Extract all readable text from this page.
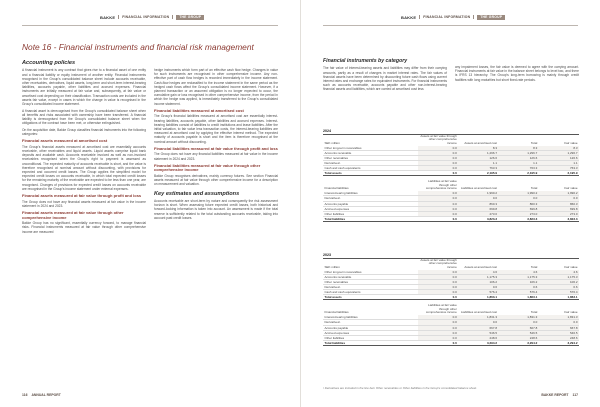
BAKKE FINANCIAL INFORMATION	THE GROUP
Note 16 - Financial instruments and financial risk management
Accounting policies

A financial instrument is any contract that gives rise to a financial asset of one entity and a financial liability or equity instrument of another entity. Financial instruments recognised in the Group's consolidated balance sheet include accounts receivable, other receivables, derivatives, liquid assets, long-term and short-term interest-bearing liabilities, accounts payable, other liabilities and accrued expenses. Financial instruments are initially measured at fair value and, subsequently, at fair value or amortised cost depending on their classification. Transaction costs are included in the assets fair value, except in cases in which the change in value is recognised in the Group's consolidated income statement.

A financial asset is derecognised from the Group's consolidated balance sheet when all benefits and risks associated with ownership have been transferred. A financial liability is derecognised from the Group's consolidated balance sheet when the obligations of the contract have been met, or otherwise extinguished.

On the acquisition date, Bakke Group classifies financial instruments into the following categories:

Financial assets measured at amortised cost

The Group's financial assets measured at amortised cost are essentially accounts receivable, other receivables and liquid assets. Liquid assets comprise liquid bank deposits and available cash. Accounts receivable invoiced as well as non-invoiced receivables recognised when the Group's right to payment is assessed as unconditional. The expected maturity of accounts receivable is short, and the value is therefore recognised at nominal amount without discounting, with provisions for expected and occurred credit losses. The Group applies the simplified model for expected credit losses on accounts receivable, in which total expected credit losses for the remaining maturity of the receivable are expected to be less than one year, are recognised. Changes of provisions for expected credit losses on accounts receivable are recognised in the Group's income statement under external expenses.

Financial assets measured at fair value through profit and loss

The Group does not have any financial assets measured at fair value in the income statement in 2024 and 2023.

Financial assets measured at fair value through other comprehensive income

Bakke Group has no significant, essentially currency forward, to manage financial risks. Financial instruments measured at fair value through other comprehensive income are measured

hedge instruments which form part of an effective cash flow hedge. Changes in value for such instruments are recognised in other comprehensive income. Any non-effective part of cash flow hedges is recorded immediately in the income statement. Cash-flow hedges are reclassified to the income statement in the same period as the hedged cash flows affect the Group's consolidated income statement. However, if a planned transaction or an assumed obligation is no longer expected to occur, the cumulative gain or loss recognised in other comprehensive income, from the period in which the hedge was applied, is immediately transferred to the Group's consolidated income statement.

Financial liabilities measured at amortised cost

The Group's financial liabilities measured at amortised cost are essentially interest-bearing liabilities, accounts payable, other liabilities and accrued expenses. Interest-bearing liabilities consist of liabilities to credit institutions and lease liabilities. After the initial valuation, to fair value less transaction costs, the interest-bearing liabilities are measured at amortised cost by applying the effective interest method. The expected maturity of accounts payable is short and the item is therefore recognised at the nominal amount without discounting.

Financial liabilities measured at fair value through profit and loss

The Group does not have any financial liabilities measured at fair value in the income statement in 2024 and 2023.

Financial liabilities measured at fair value through other comprehensive income

Bakke Group recognises derivatives, mainly currency futures. See section Financial assets measured at fair value through other comprehensive income for a description on measurement and valuation.

Key estimates and assumptions

Accounts receivable are short-term by nature and consequently the risk assessment horizon is short. When assessing future expected credit losses, both historical and forward-looking information is taken into account. An assessment is made if the total reserve is sufficiently related to the total outstanding accounts receivable, taking into account past credit losses.

116 ANNUAL REPORT
BAKKE FINANCIAL INFORMATION	THE GROUP
Financial instruments by category

The fair value of interest-bearing assets and liabilities may differ from their carrying amounts, partly as a result of changes in market interest rates. The fair values of financial assets have been determined by discounting future cash flows using current interest rates and exchange rates for equivalent instruments. For financial instruments such as accounts receivable, accounts payable and other non-interest-bearing financial assets and liabilities, which are carried at amortised cost less

any impairment losses, the fair value is deemed to agree with the carrying amount. Financial instruments at fair value in the balance sheet belongs to level two, and there is IFRS 13 hierarchy. The Group's long-term borrowing is mainly through credit facilities with long maturities but short fixed-rate periods.

2024
SEK million	Assets at fair value through other comprehensive income	Assets at amortised cost	Total	Fair value
Other long-term receivables	0.0	8.3	8.3	8.3
Accounts receivable	0.0	1,296.7	1,296.7	1,296.7
Other receivables	0.0	126.6	126.6	126.6
Derivatives¹	0.0	1.1	1.1	1.1
Cash and cash equivalents	0.0	763.3	763.3	763.3
Total assets	0.0	2,195.9	2,195.9	2,195.9
Financial liabilities	Liabilities at fair value through other comprehensive income	Liabilities at amortised cost	Total	Fair value
Interest-bearing liabilities	0.0	1,990.2	1,990.2	1,990.2
Derivatives¹	0.0	0.0	0.0	0.0
Accounts payable	0.0	860.3	860.3	860.3
Accrued expenses	0.0	699.8	699.8	699.8
Other liabilities	0.0	273.0	273.0	273.0
Total liabilities	0.0	3,823.3	3,823.3	3,823.3
2023
SEK million	Assets at fair value through other comprehensive income	Assets at amortised cost	Total	Fair value
Other long-term receivables	0.0	4.6	4.6	4.6
Accounts receivable	0.0	1,175.3	1,175.3	1,175.3
Other receivables	0.0	106.2	106.2	106.2
Derivatives¹	0.0	0.6	0.6	0.6
Cash and cash equivalents	0.0	576.4	576.4	576.4
Total assets	0.0	1,863.1	1,863.1	1,863.1
Financial liabilities	Liabilities at fair value through other comprehensive income	Liabilities at amortised cost	Total	Fair value
Interest-bearing liabilities	0.0	1,831.3	1,831.3	1,831.3
Derivatives¹	0.0	0.0	0.0	0.0
Accounts payable	0.0	667.8	667.8	667.8
Accrued expenses	0.0	546.5	546.5	546.5
Other liabilities	0.0	248.6	248.6	248.6
Total liabilities	0.0	3,294.2	3,294.2	3,294.2
¹ Derivatives are included in the line item Other receivables or Other liabilities in the Group's consolidated balance sheet.
BAKKE REPORT 117
